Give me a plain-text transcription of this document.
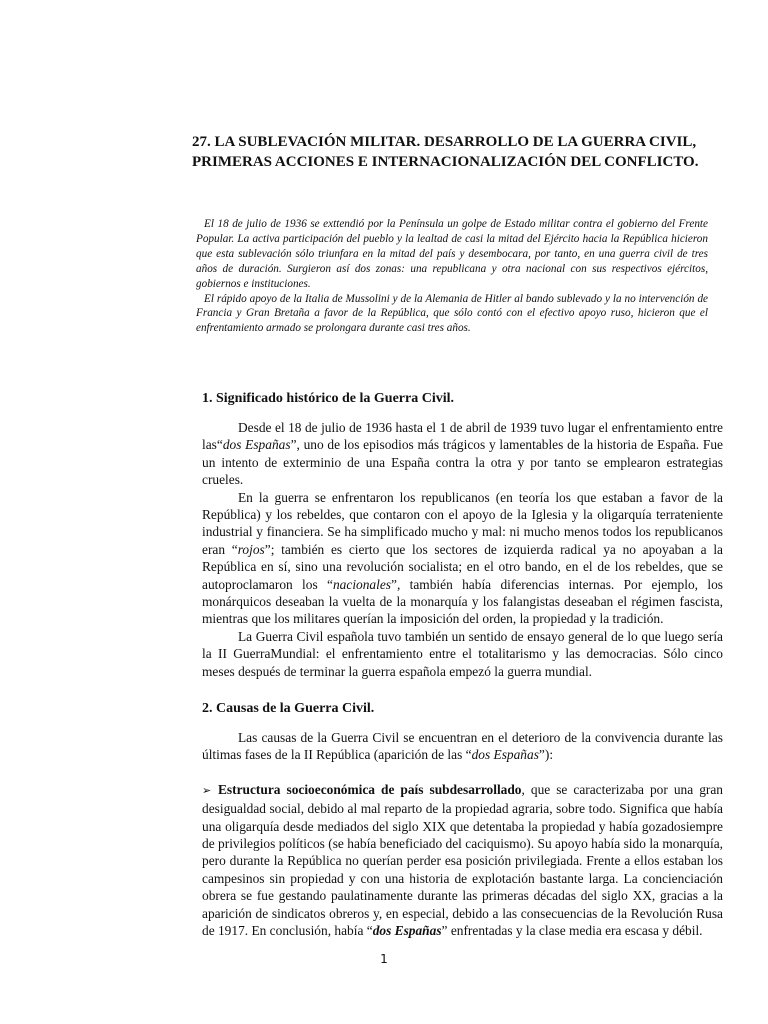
27. LA SUBLEVACIÓN MILITAR. DESARROLLO DE LA GUERRA CIVIL,
PRIMERAS ACCIONES E INTERNACIONALIZACIÓN DEL CONFLICTO.

El 18 de julio de 1936 se exttendió por la Península un golpe de Estado militar contra el gobierno del Frente Popular. La activa participación del pueblo y la lealtad de casi la mitad del Ejército hacia la República hicieron que esta sublevación sólo triunfara en la mitad del país y desembocara, por tanto, en una guerra civil de tres años de duración. Surgieron así dos zonas: una republicana y otra nacional con sus respectivos ejércitos, gobiernos e instituciones.

El rápido apoyo de la Italia de Mussolini y de la Alemania de Hitler al bando sublevado y la no intervención de Francia y Gran Bretaña a favor de la República, que sólo contó con el efectivo apoyo ruso, hicieron que el enfrentamiento armado se prolongara durante casi tres años.

1. Significado histórico de la Guerra Civil.

Desde el 18 de julio de 1936 hasta el 1 de abril de 1939 tuvo lugar el enfrentamiento entre las“dos Españas”, uno de los episodios más trágicos y lamentables de la historia de España. Fue un intento de exterminio de una España contra la otra y por tanto se emplearon estrategias crueles.

En la guerra se enfrentaron los republicanos (en teoría los que estaban a favor de la República) y los rebeldes, que contaron con el apoyo de la Iglesia y la oligarquía terrateniente industrial y financiera. Se ha simplificado mucho y mal: ni mucho menos todos los republicanos eran “rojos”; también es cierto que los sectores de izquierda radical ya no apoyaban a la República en sí, sino una revolución socialista; en el otro bando, en el de los rebeldes, que se autoproclamaron los “nacionales”, también había diferencias internas. Por ejemplo, los monárquicos deseaban la vuelta de la monarquía y los falangistas deseaban el régimen fascista, mientras que los militares querían la imposición del orden, la propiedad y la tradición.

La Guerra Civil española tuvo también un sentido de ensayo general de lo que luego sería la II GuerraMundial: el enfrentamiento entre el totalitarismo y las democracias. Sólo cinco meses después de terminar la guerra española empezó la guerra mundial.

2. Causas de la Guerra Civil.

Las causas de la Guerra Civil se encuentran en el deterioro de la convivencia durante las últimas fases de la II República (aparición de las “dos Españas”):

➢ Estructura socioeconómica de país subdesarrollado, que se caracterizaba por una gran desigualdad social, debido al mal reparto de la propiedad agraria, sobre todo. Significa que había una oligarquía desde mediados del siglo XIX que detentaba la propiedad y había gozadosiempre de privilegios políticos (se había beneficiado del caciquismo). Su apoyo había sido la monarquía, pero durante la República no querían perder esa posición privilegiada. Frente a ellos estaban los campesinos sin propiedad y con una historia de explotación bastante larga. La concienciación obrera se fue gestando paulatinamente durante las primeras décadas del siglo XX, gracias a la aparición de sindicatos obreros y, en especial, debido a las consecuencias de la Revolución Rusa de 1917. En conclusión, había “dos Españas” enfrentadas y la clase media era escasa y débil.

1
